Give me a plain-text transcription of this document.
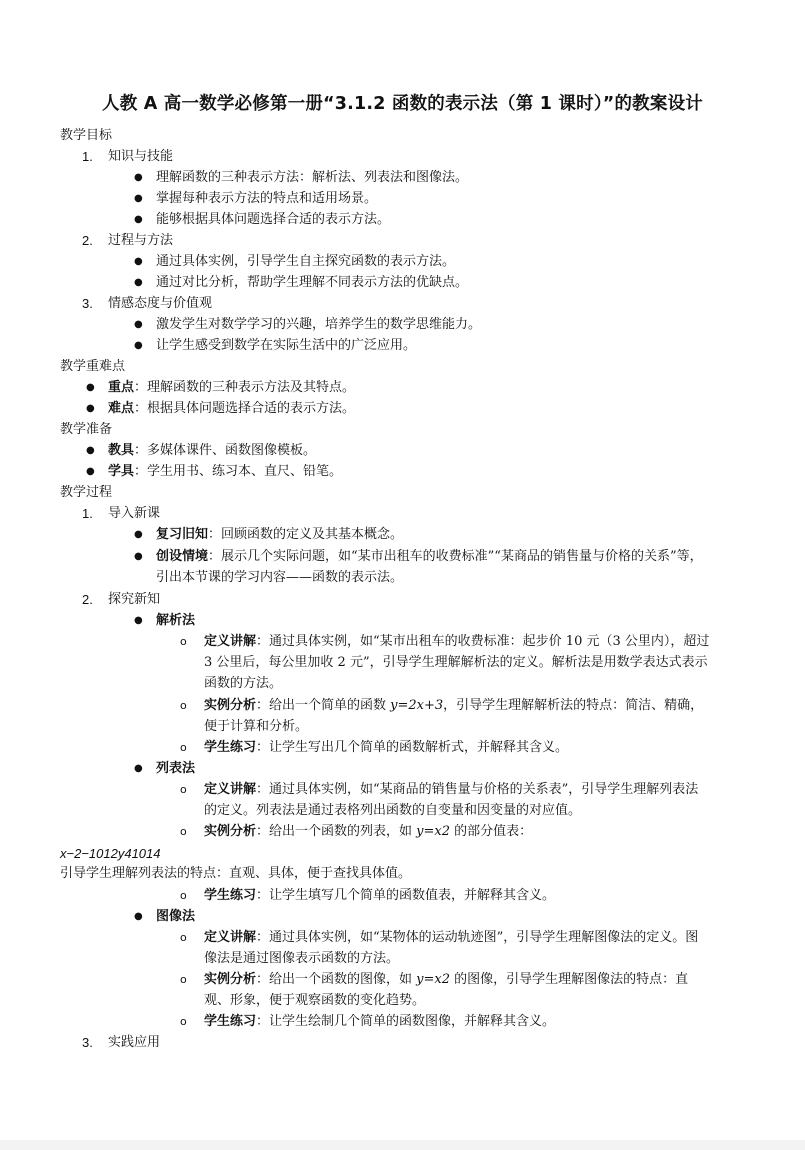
人教 A 高一数学必修第一册“3.1.2 函数的表示法（第 1 课时）”的教案设计
教学目标
1. 知识与技能
● 理解函数的三种表示方法：解析法、列表法和图像法。
● 掌握每种表示方法的特点和适用场景。
● 能够根据具体问题选择合适的表示方法。
2. 过程与方法
● 通过具体实例，引导学生自主探究函数的表示方法。
● 通过对比分析，帮助学生理解不同表示方法的优缺点。
3. 情感态度与价值观
● 激发学生对数学学习的兴趣，培养学生的数学思维能力。
● 让学生感受到数学在实际生活中的广泛应用。
教学重难点
● 重点：理解函数的三种表示方法及其特点。
● 难点：根据具体问题选择合适的表示方法。
教学准备
● 教具：多媒体课件、函数图像模板。
● 学具：学生用书、练习本、直尺、铅笔。
教学过程
1. 导入新课
● 复习旧知：回顾函数的定义及其基本概念。
● 创设情境：展示几个实际问题，如“某市出租车的收费标准”“某商品的销售量与价格的关系”等，
引出本节课的学习内容——函数的表示法。
2. 探究新知
● 解析法
o 定义讲解：通过具体实例，如“某市出租车的收费标准：起步价 10 元（3 公里内），超过
3 公里后，每公里加收 2 元”，引导学生理解解析法的定义。解析法是用数学表达式表示
函数的方法。
o 实例分析：给出一个简单的函数 y=2x+3，引导学生理解解析法的特点：简洁、精确，
便于计算和分析。
o 学生练习：让学生写出几个简单的函数解析式，并解释其含义。
● 列表法
o 定义讲解：通过具体实例，如“某商品的销售量与价格的关系表”，引导学生理解列表法
的定义。列表法是通过表格列出函数的自变量和因变量的对应值。
o 实例分析：给出一个函数的列表，如 y=x2 的部分值表：
x−2−1012y41014
引导学生理解列表法的特点：直观、具体，便于查找具体值。
o 学生练习：让学生填写几个简单的函数值表，并解释其含义。
● 图像法
o 定义讲解：通过具体实例，如“某物体的运动轨迹图”，引导学生理解图像法的定义。图
像法是通过图像表示函数的方法。
o 实例分析：给出一个函数的图像，如 y=x2 的图像，引导学生理解图像法的特点：直
观、形象，便于观察函数的变化趋势。
o 学生练习：让学生绘制几个简单的函数图像，并解释其含义。
3. 实践应用
